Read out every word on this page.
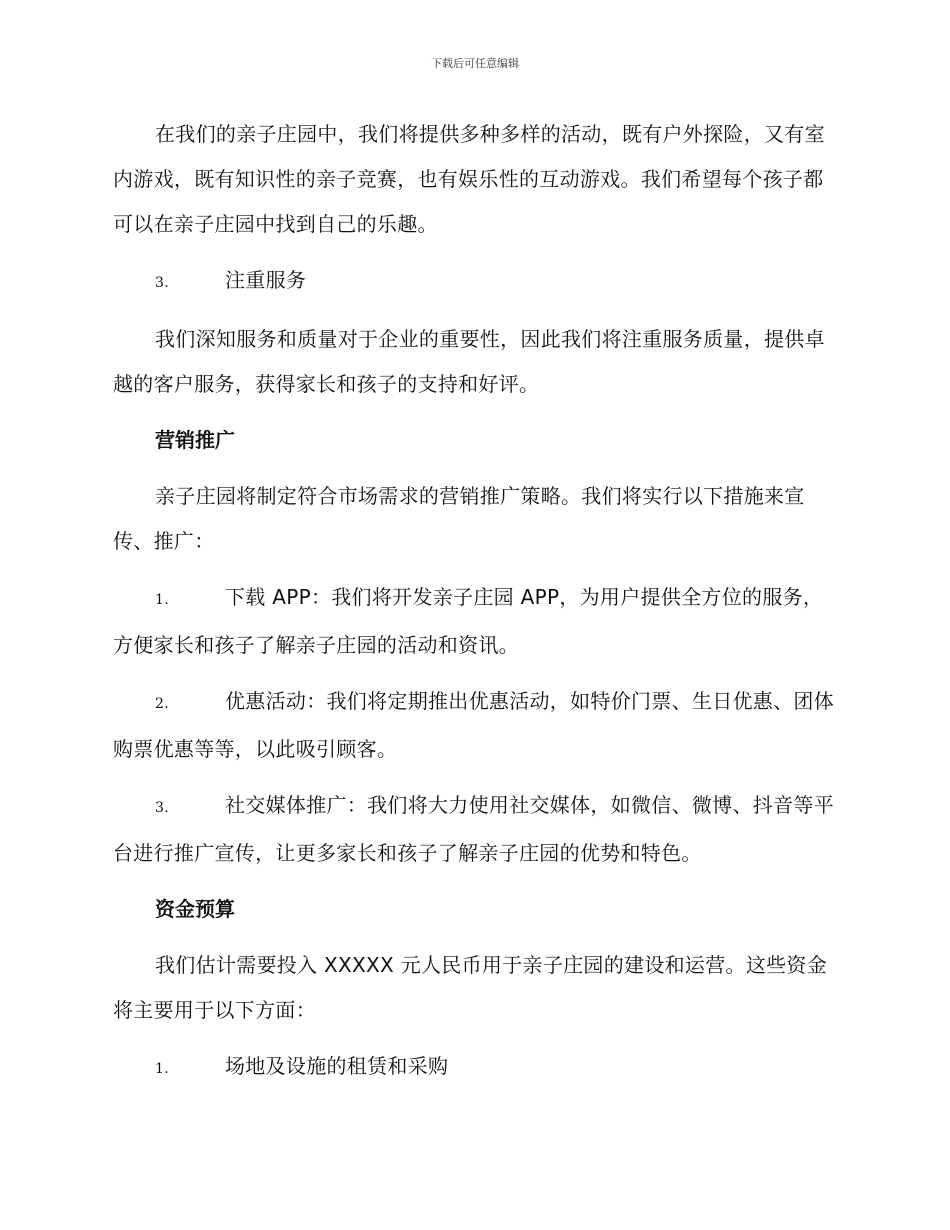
下载后可任意编辑

在我们的亲子庄园中，我们将提供多种多样的活动，既有户外探险，又有室内游戏，既有知识性的亲子竞赛，也有娱乐性的互动游戏。我们希望每个孩子都可以在亲子庄园中找到自己的乐趣。

3.	注重服务

我们深知服务和质量对于企业的重要性，因此我们将注重服务质量，提供卓越的客户服务，获得家长和孩子的支持和好评。

营销推广

亲子庄园将制定符合市场需求的营销推广策略。我们将实行以下措施来宣传、推广：

1.	下载 APP：我们将开发亲子庄园 APP，为用户提供全方位的服务，方便家长和孩子了解亲子庄园的活动和资讯。

2.	优惠活动：我们将定期推出优惠活动，如特价门票、生日优惠、团体购票优惠等等，以此吸引顾客。

3.	社交媒体推广：我们将大力使用社交媒体，如微信、微博、抖音等平台进行推广宣传，让更多家长和孩子了解亲子庄园的优势和特色。

资金预算

我们估计需要投入 XXXXX 元人民币用于亲子庄园的建设和运营。这些资金将主要用于以下方面：

1.	场地及设施的租赁和采购
